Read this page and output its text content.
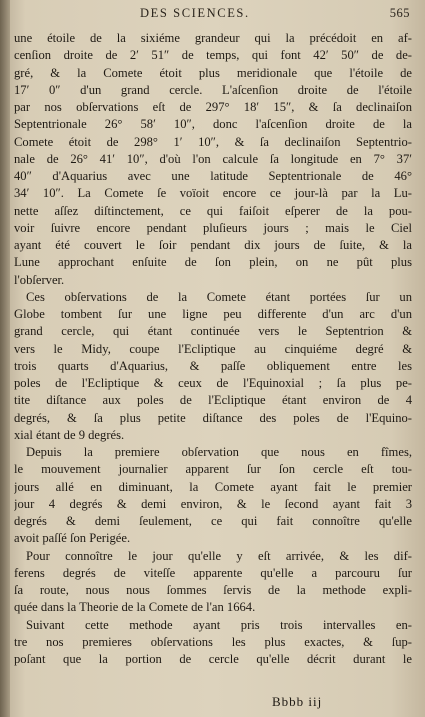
DES SCIENCES.	565
une étoile de la sixiéme grandeur qui la précédoit en af-
cenſion droite de 2′ 51″ de temps, qui font 42′ 50″ de de-
gré, & la Comete étoit plus meridionale que l'étoile de
17′ 0″ d'un grand cercle. L'aſcenſion droite de l'étoile
par nos obſervations eſt de 297° 18′ 15″, & ſa declinaiſon
Septentrionale 26° 58′ 10″, donc l'aſcenſion droite de la
Comete étoit de 298° 1′ 10″, & ſa declinaiſon Septentrio-
nale de 26° 41′ 10″, d'où l'on calcule ſa longitude en 7° 37′
40″ d'Aquarius avec une latitude Septentrionale de 46°
34′ 10″. La Comete ſe voïoit encore ce jour-là par la Lu-
nette aſſez diſtinctement, ce qui faiſoit eſperer de la pou-
voir ſuivre encore pendant pluſieurs jours ; mais le Ciel
ayant été couvert le ſoir pendant dix jours de ſuite, & la
Lune approchant enſuite de ſon plein, on ne pût plus
l'obſerver.
Ces obſervations de la Comete étant portées ſur un
Globe tombent ſur une ligne peu differente d'un arc d'un
grand cercle, qui étant continuée vers le Septentrion &
vers le Midy, coupe l'Ecliptique au cinquiéme degré &
trois quarts d'Aquarius, & paſſe obliquement entre les
poles de l'Ecliptique & ceux de l'Equinoxial ; ſa plus pe-
tite diſtance aux poles de l'Ecliptique étant environ de 4
degrés, & ſa plus petite diſtance des poles de l'Equino-
xial étant de 9 degrés.
Depuis la premiere obſervation que nous en fîmes,
le mouvement journalier apparent ſur ſon cercle eſt tou-
jours allé en diminuant, la Comete ayant fait le premier
jour 4 degrés & demi environ, & le ſecond ayant fait 3
degrés & demi ſeulement, ce qui fait connoître qu'elle
avoit paſſé ſon Perigée.
Pour connoître le jour qu'elle y eſt arrivée, & les dif-
ferens degrés de viteſſe apparente qu'elle a parcouru ſur
ſa route, nous nous ſommes ſervis de la methode expli-
quée dans la Theorie de la Comete de l'an 1664.
Suivant cette methode ayant pris trois intervalles en-
tre nos premieres obſervations les plus exactes, & ſup-
poſant que la portion de cercle qu'elle décrit durant le
Bbbb iij
